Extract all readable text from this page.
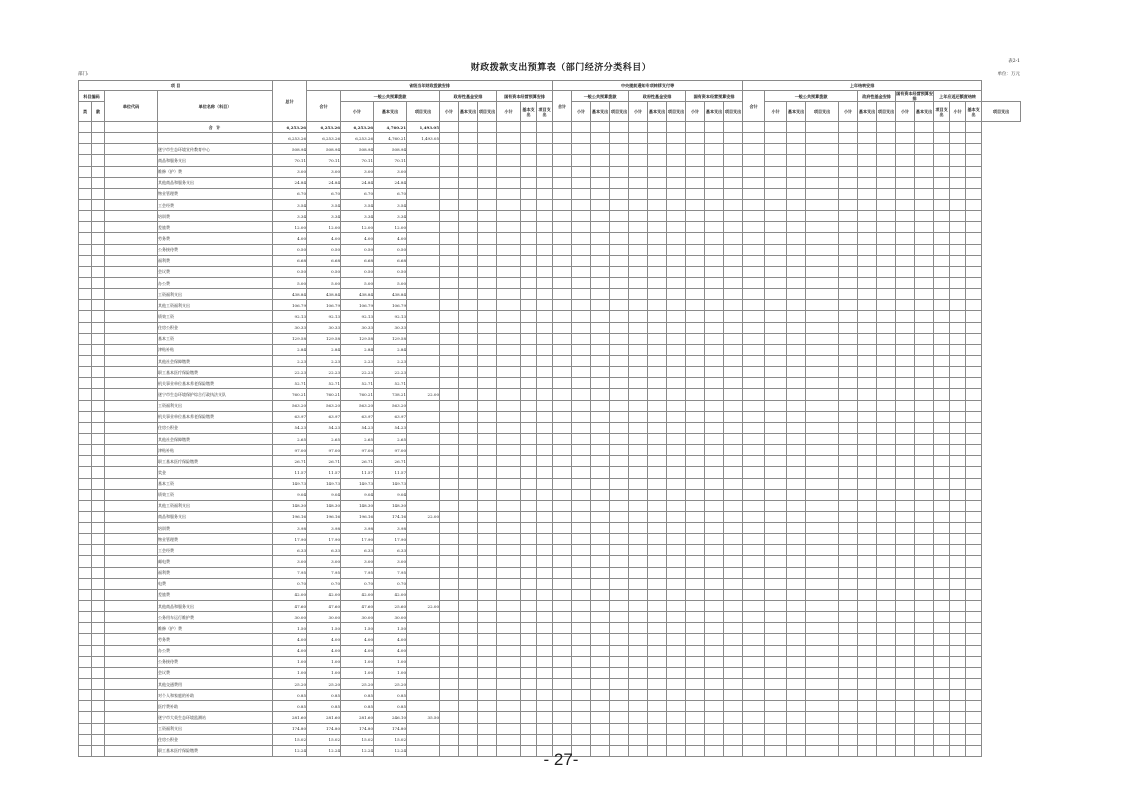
表2-1
财政拨款支出预算表（部门经济分类科目）
部门:	单位：万元
项 目				总计	省级当年财政拨款安排										中央提前通知专项转移支付等										上年结转安排												
科目编码		单位代码	单位名称（科目）		合计	一般公共预算拨款			政府性基金安排			国有资本经营预算安排			合计	一般公共预算拨款			政府性基金安排			国有资本经营预算安排			合计	一般公共预算拨款				政府性基金安排		国有资本经营预算安排		上年应返还额度结转			
类	款					小计	基本支出	项目支出	小计	基本支出	项目支出	小计	基本支出	项目支出		小计	基本支出	项目支出	小计	基本支出	项目支出	小计	基本支出	项目支出		小计	基本支出	项目支出	小计	基本支出	项目支出	小计	基本支出	项目支出	小计	基本支出	项目支出
			合 计	6,253.26	6,253.26	6,253.26	4,760.21	1,493.05																													
				6,253.26	6,253.26	6,253.26	4,760.21	1,493.05																													
			遂宁市生态环境宣传教育中心	508.94	508.94	508.94	508.94																														
			商品和服务支出	70.11	70.11	70.11	70.11																														
			维修（护）费	3.00	3.00	3.00	3.00																														
			其他商品和服务支出	24.84	24.84	24.84	24.84																														
			物业管理费	6.70	6.70	6.70	6.70																														
			工会经费	3.54	3.54	3.54	3.54																														
			培训费	3.34	3.34	3.34	3.34																														
			差旅费	12.00	12.00	12.00	12.00																														
			劳务费	4.00	4.00	4.00	4.00																														
			公务接待费	0.50	0.50	0.50	0.50																														
			福利费	6.68	6.68	6.68	6.68																														
			会议费	0.50	0.50	0.50	0.50																														
			办公费	5.00	5.00	5.00	5.00																														
			工资福利支出	438.84	438.84	438.84	438.84																														
			其他工资福利支出	106.79	106.79	106.79	106.79																														
			绩效工资	92.13	92.13	92.13	92.13																														
			住房公积金	30.33	30.33	30.33	30.33																														
			基本工资	129.58	129.58	129.58	129.58																														
			津贴补贴	2.84	2.84	2.84	2.84																														
			其他社会保障缴费	2.23	2.23	2.23	2.23																														
			职工基本医疗保险缴费	22.23	22.23	22.23	22.23																														
			机关事业单位基本养老保险缴费	52.71	52.71	52.71	52.71																														
			遂宁市生态环境保护综合行政执法支队	760.21	760.21	760.21	738.21	22.00																													
			工资福利支出	563.20	563.20	563.20	563.20																														
			机关事业单位基本养老保险缴费	63.97	63.97	63.97	63.97																														
			住房公积金	54.23	54.23	54.23	54.23																														
			其他社会保障缴费	2.65	2.65	2.65	2.65																														
			津贴补贴	97.00	97.00	97.00	97.00																														
			职工基本医疗保险缴费	26.71	26.71	26.71	26.71																														
			奖金	11.57	11.57	11.57	11.57																														
			基本工资	149.73	149.73	149.73	149.73																														
			绩效工资	9.04	9.04	9.04	9.04																														
			其他工资福利支出	148.30	148.30	148.30	148.30																														
			商品和服务支出	196.16	196.16	196.16	174.16	22.00																													
			培训费	3.98	3.98	3.98	3.98																														
			物业管理费	17.90	17.90	17.90	17.90																														
			工会经费	6.33	6.33	6.33	6.33																														
			邮电费	3.00	3.00	3.00	3.00																														
			福利费	7.95	7.95	7.95	7.95																														
			电费	0.70	0.70	0.70	0.70																														
			差旅费	42.00	42.00	42.00	42.00																														
			其他商品和服务支出	47.60	47.60	47.60	25.60	22.00																													
			公务用车运行维护费	30.00	30.00	30.00	30.00																														
			维修（护）费	1.50	1.50	1.50	1.50																														
			劳务费	4.00	4.00	4.00	4.00																														
			办公费	4.00	4.00	4.00	4.00																														
			公务接待费	1.00	1.00	1.00	1.00																														
			会议费	1.00	1.00	1.00	1.00																														
			其他交通费用	25.20	25.20	25.20	25.20																														
			对个人和家庭的补助	0.85	0.85	0.85	0.85																														
			医疗费补助	0.85	0.85	0.85	0.85																														
			遂宁市大英生态环境监测站	281.60	281.60	281.60	246.10	35.50																													
			工资福利支出	174.80	174.80	174.80	174.80																														
			住房公积金	15.02	15.02	15.02	15.02																														
			职工基本医疗保险缴费	12.24	12.24	12.24	12.24																															- 27-
